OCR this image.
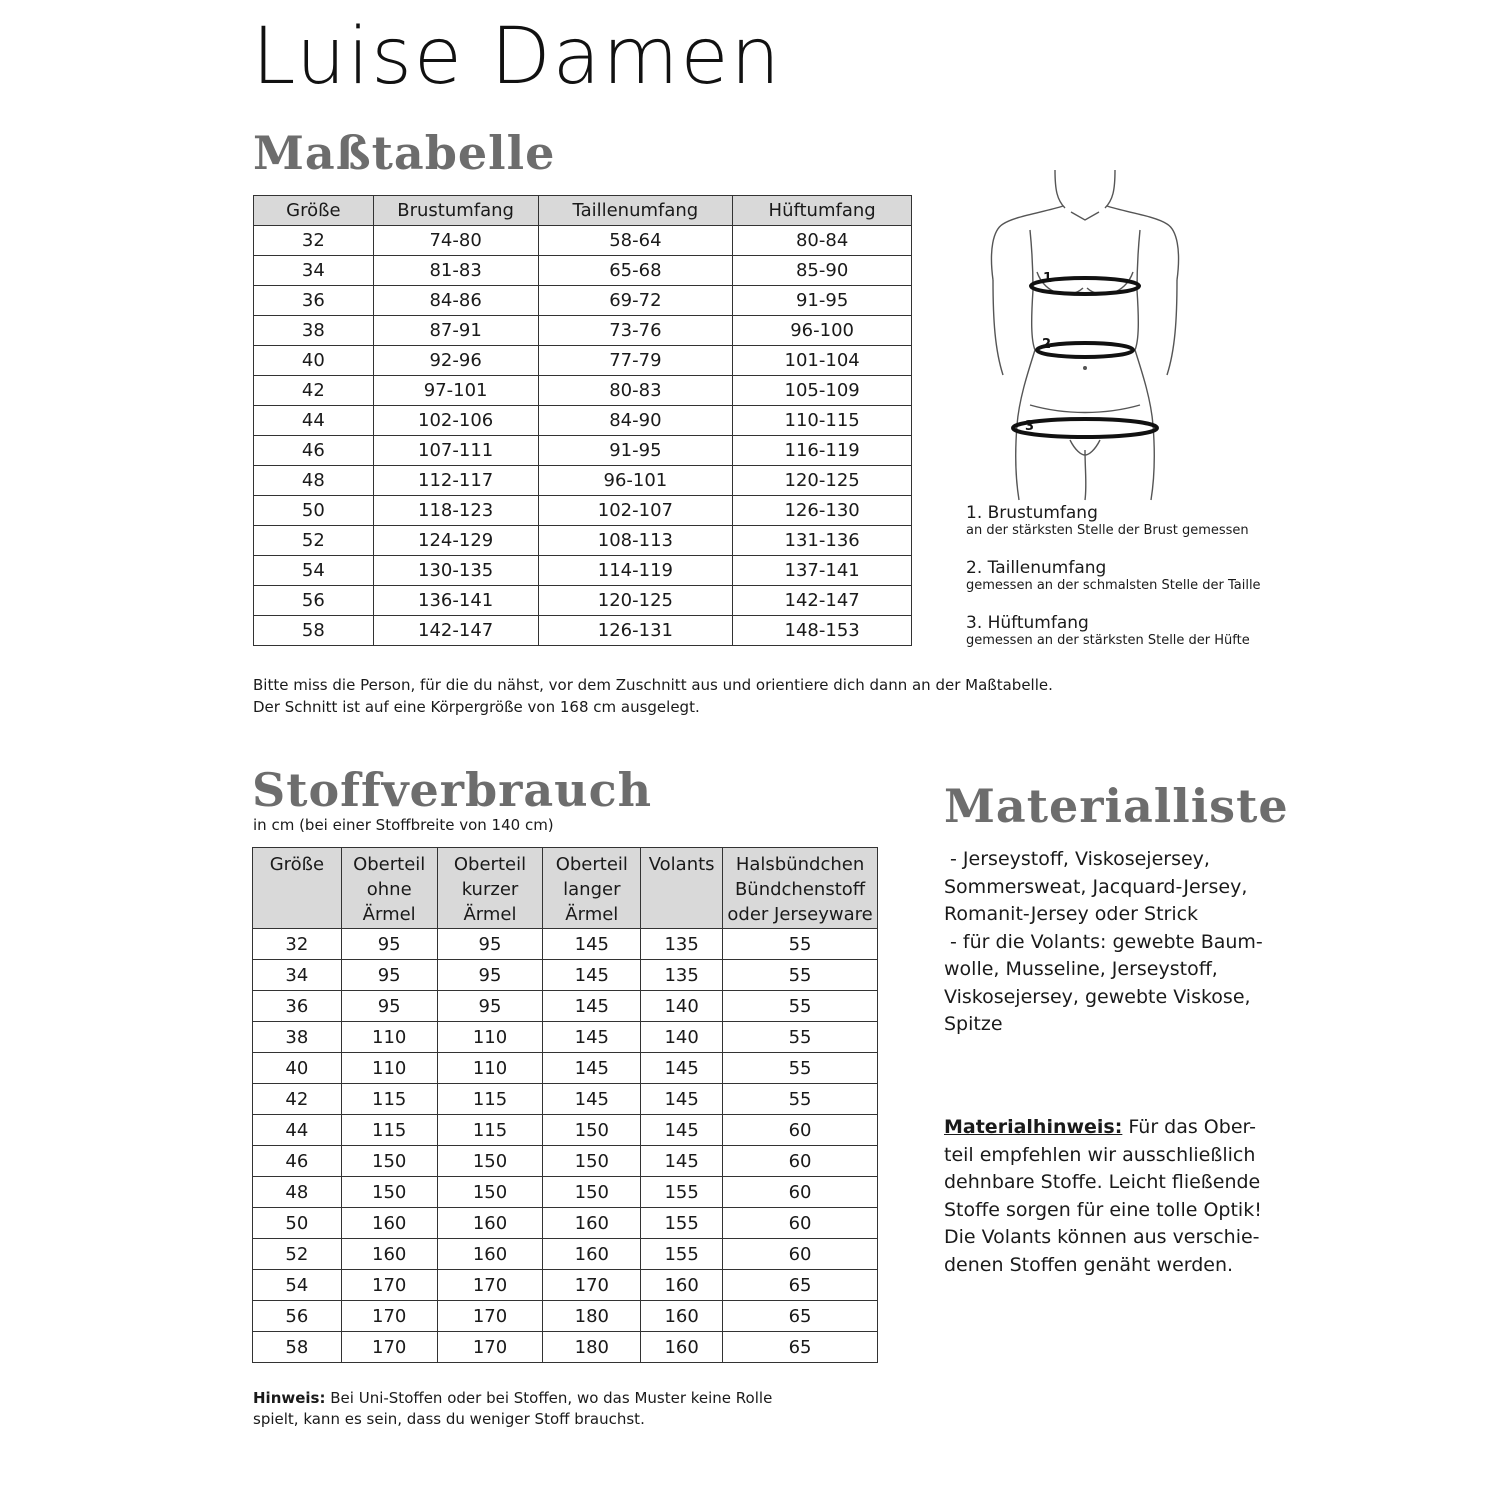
Luise Damen
Maßtabelle
Größe	Brustumfang	Taillenumfang	Hüftumfang
32	74-80	58-64	80-84
34	81-83	65-68	85-90
36	84-86	69-72	91-95
38	87-91	73-76	96-100
40	92-96	77-79	101-104
42	97-101	80-83	105-109
44	102-106	84-90	110-115
46	107-111	91-95	116-119
48	112-117	96-101	120-125
50	118-123	102-107	126-130
52	124-129	108-113	131-136
54	130-135	114-119	137-141
56	136-141	120-125	142-147
58	142-147	126-131	148-153
Bitte miss die Person, für die du nähst, vor dem Zuschnitt aus und orientiere dich dann an der Maßtabelle.
Der Schnitt ist auf eine Körpergröße von 168 cm ausgelegt.
1
2
3
1. Brustumfang
an der stärksten Stelle der Brust gemessen
2. Taillenumfang
gemessen an der schmalsten Stelle der Taille
3. Hüftumfang
gemessen an der stärksten Stelle der Hüfte
Stoffverbrauch
in cm (bei einer Stoffbreite von 140 cm)
Größe	Oberteil ohne Ärmel	Oberteil kurzer Ärmel	Oberteil langer Ärmel	Volants	Halsbündchen Bündchenstoff oder Jerseyware
32	95	95	145	135	55
34	95	95	145	135	55
36	95	95	145	140	55
38	110	110	145	140	55
40	110	110	145	145	55
42	115	115	145	145	55
44	115	115	150	145	60
46	150	150	150	145	60
48	150	150	150	155	60
50	160	160	160	155	60
52	160	160	160	155	60
54	170	170	170	160	65
56	170	170	180	160	65
58	170	170	180	160	65
Hinweis: Bei Uni-Stoffen oder bei Stoffen, wo das Muster keine Rolle spielt, kann es sein, dass du weniger Stoff brauchst.
Materialliste
- Jerseystoff, Viskosejersey,
Sommersweat, Jacquard-Jersey,
Romanit-Jersey oder Strick
- für die Volants: gewebte Baum-
wolle, Musseline, Jerseystoff,
Viskosejersey, gewebte Viskose,
Spitze
Materialhinweis: Für das Ober-
teil empfehlen wir ausschließlich
dehnbare Stoffe. Leicht fließende
Stoffe sorgen für eine tolle Optik!
Die Volants können aus verschie-
denen Stoffen genäht werden.
